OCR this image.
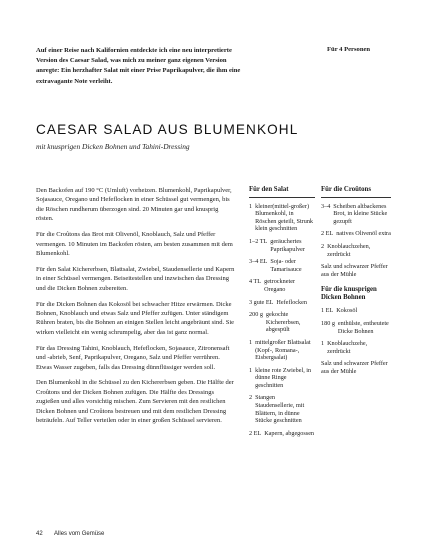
Auf einer Reise nach Kalifornien entdeckte ich eine neu interpretierte Version des Caesar Salad, was mich zu meiner ganz eigenen Version anregte: Ein herzhafter Salat mit einer Prise Paprikapulver, die ihm eine extravagante Note verleiht.
Für 4 Personen
CAESAR SALAD AUS BLUMENKOHL
mit knusprigen Dicken Bohnen und Tahini-Dressing

Den Backofen auf 190 °C (Umluft) vorheizen. Blumenkohl, Paprikapulver, Sojasauce, Oregano und Hefeflocken in einer Schüssel gut vermengen, bis die Röschen rundherum überzogen sind. 20 Minuten gar und knusprig rösten.

Für die Croûtons das Brot mit Olivenöl, Knoblauch, Salz und Pfeffer vermengen. 10 Minuten im Backofen rösten, am besten zusammen mit dem Blumenkohl.

Für den Salat Kichererbsen, Blattsalat, Zwiebel, Staudensellerie und Kapern in einer Schüssel vermengen. Beiseitestellen und inzwischen das Dressing und die Dicken Bohnen zubereiten.

Für die Dicken Bohnen das Kokosöl bei schwacher Hitze erwärmen. Dicke Bohnen, Knoblauch und etwas Salz und Pfeffer zufügen. Unter ständigem Rühren braten, bis die Bohnen an einigen Stellen leicht angebräunt sind. Sie wirken vielleicht ein wenig schrumpelig, aber das ist ganz normal.

Für das Dressing Tahini, Knoblauch, Hefeflocken, Sojasauce, Zitronensaft und -abrieb, Senf, Paprikapulver, Oregano, Salz und Pfeffer verrühren. Etwas Wasser zugeben, falls das Dressing dünnflüssiger werden soll.

Den Blumenkohl in die Schüssel zu den Kichererbsen geben. Die Hälfte der Croûtons und der Dicken Bohnen zufügen. Die Hälfte des Dressings zugießen und alles vorsichtig mischen. Zum Servieren mit den restlichen Dicken Bohnen und Croûtons bestreuen und mit dem restlichen Dressing beträufeln. Auf Teller verteilen oder in einer großen Schüssel servieren.

Für den Salat
1 kleiner(mittel-großer) Blumenkohl, in Röschen geteilt, Strunk klein geschnitten
1–2 TL geräuchertes Paprikapulver
3–4 EL Soja- oder Tamarisauce
4 TL getrockneter Oregano
3 gute EL Hefeflocken
200 g gekochte Kichererbsen, abgespült
1 mittelgroßer Blattsalat (Kopf-, Romana-, Eisbergsalat)
1 kleine rote Zwiebel, in dünne Ringe geschnitten
2 Stangen Staudensellerie, mit Blättern, in dünne Stücke geschnitten
2 EL Kapern, abgegossen
Für die Croûtons
3–4 Scheiben altbackenes Brot, in kleine Stücke gezupft
2 EL natives Olivenöl extra
2 Knoblauchzehen, zerdrückt
Salz und schwarzer Pfeffer aus der Mühle
Für die knusprigen Dicken Bohnen
1 EL Kokosöl
180 g enthülste, entheutete Dicke Bohnen
1 Knoblauchzehe, zerdrückt
Salz und schwarzer Pfeffer aus der Mühle
42 Alles vom Gemüse
